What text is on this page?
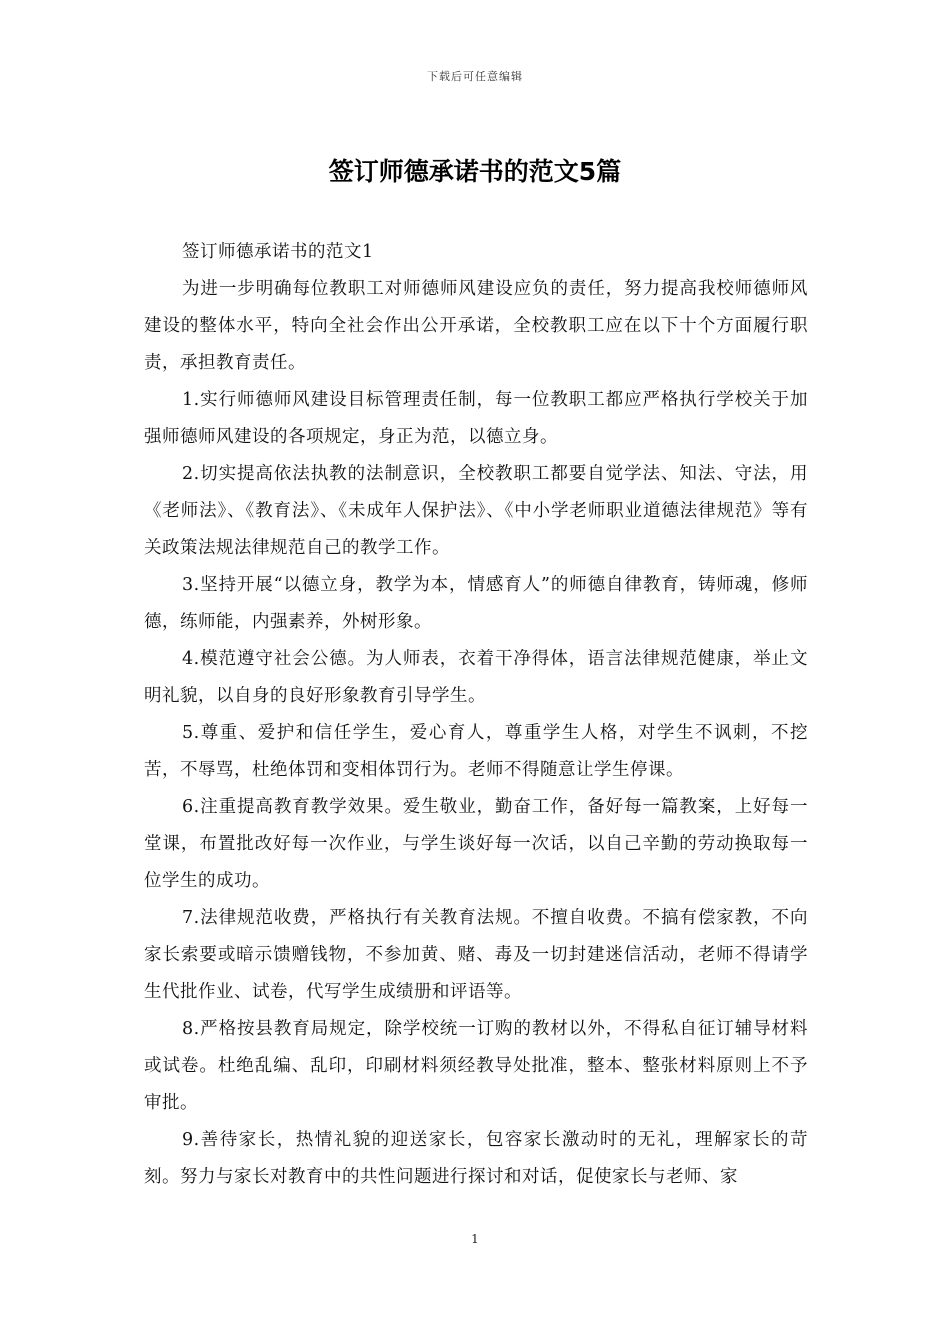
下载后可任意编辑
签订师德承诺书的范文5篇

签订师德承诺书的范文1

为进一步明确每位教职工对师德师风建设应负的责任，努力提高我校师德师风建设的整体水平，特向全社会作出公开承诺，全校教职工应在以下十个方面履行职责，承担教育责任。

1.实行师德师风建设目标管理责任制，每一位教职工都应严格执行学校关于加强师德师风建设的各项规定，身正为范，以德立身。

2.切实提高依法执教的法制意识，全校教职工都要自觉学法、知法、守法，用《老师法》、《教育法》、《未成年人保护法》、《中小学老师职业道德法律规范》等有关政策法规法律规范自己的教学工作。

3.坚持开展“以德立身，教学为本，情感育人”的师德自律教育，铸师魂，修师德，练师能，内强素养，外树形象。

4.模范遵守社会公德。为人师表，衣着干净得体，语言法律规范健康，举止文明礼貌，以自身的良好形象教育引导学生。

5.尊重、爱护和信任学生，爱心育人，尊重学生人格，对学生不讽刺，不挖苦，不辱骂，杜绝体罚和变相体罚行为。老师不得随意让学生停课。

6.注重提高教育教学效果。爱生敬业，勤奋工作，备好每一篇教案，上好每一堂课，布置批改好每一次作业，与学生谈好每一次话，以自己辛勤的劳动换取每一位学生的成功。

7.法律规范收费，严格执行有关教育法规。不擅自收费。不搞有偿家教，不向家长索要或暗示馈赠钱物，不参加黄、赌、毒及一切封建迷信活动，老师不得请学生代批作业、试卷，代写学生成绩册和评语等。

8.严格按县教育局规定，除学校统一订购的教材以外，不得私自征订辅导材料或试卷。杜绝乱编、乱印，印刷材料须经教导处批准，整本、整张材料原则上不予审批。

9.善待家长，热情礼貌的迎送家长，包容家长激动时的无礼，理解家长的苛刻。努力与家长对教育中的共性问题进行探讨和对话，促使家长与老师、家

1
